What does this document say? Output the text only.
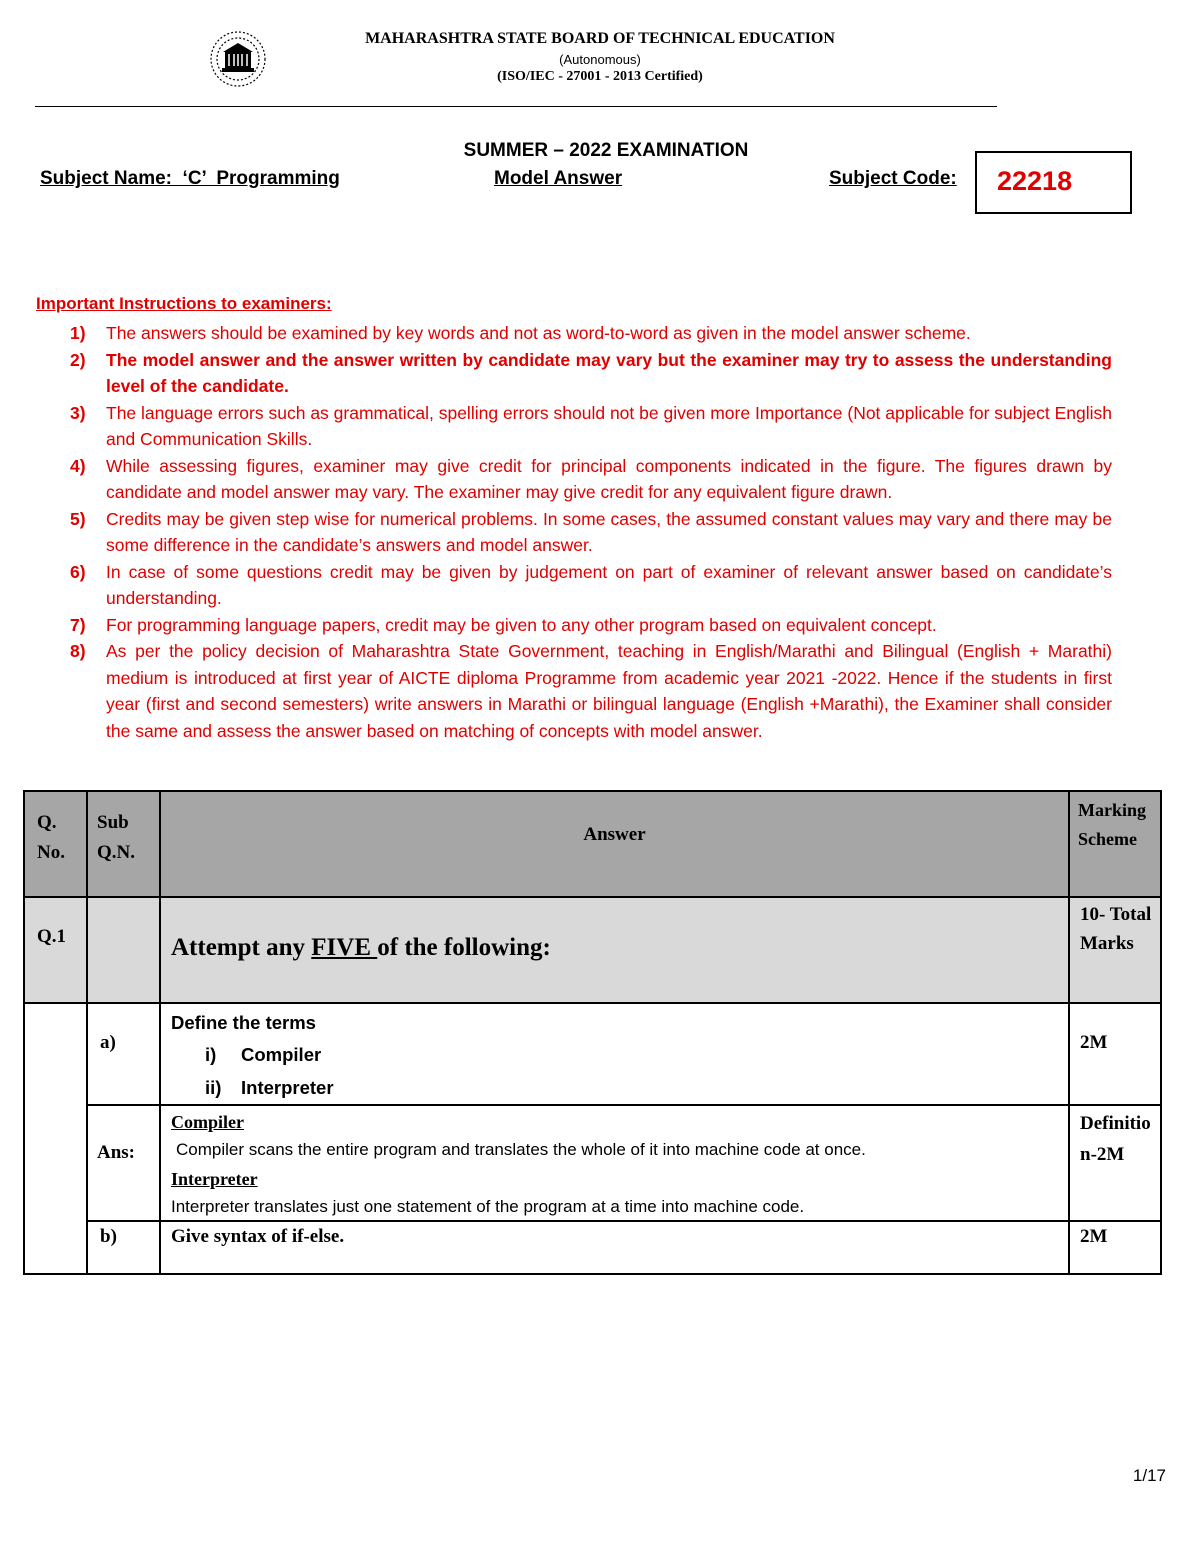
MAHARASHTRA STATE BOARD OF TECHNICAL EDUCATION
(Autonomous)
(ISO/IEC - 27001 - 2013 Certified)
SUMMER – 2022 EXAMINATION
Subject Name:  ‘C’  Programming	Model Answer	Subject Code: 22218
Important Instructions to examiners:
1)	The answers should be examined by key words and not as word-to-word as given in the model answer scheme.
2)	The model answer and the answer written by candidate may vary but the examiner may try to assess the understanding level of the candidate.
3)	The language errors such as grammatical, spelling errors should not be given more Importance (Not applicable for subject English and Communication Skills.
4)	While assessing figures, examiner may give credit for principal components indicated in the figure. The figures drawn by candidate and model answer may vary. The examiner may give credit for any equivalent figure drawn.
5)	Credits may be given step wise for numerical problems. In some cases, the assumed constant values may vary and there may be some difference in the candidate’s answers and model answer.
6)	In case of some questions credit may be given by judgement on part of examiner of relevant answer based on candidate’s understanding.
7)	For programming language papers, credit may be given to any other program based on equivalent concept.
8)	As per the policy decision of Maharashtra State Government, teaching in English/Marathi and Bilingual (English + Marathi) medium is introduced at first year of AICTE diploma Programme from academic year 2021 -2022. Hence if the students in first year (first and second semesters) write answers in Marathi or bilingual language (English +Marathi), the Examiner shall consider the same and assess the answer based on matching of concepts with model answer.
Q. No.	Sub Q.N.	Answer	Marking Scheme
Q.1		Attempt any FIVE of the following:	10- Total Marks
	a)	Define the terms
i) Compiler
ii) Interpreter	2M
	Ans:	Compiler
Compiler scans the entire program and translates the whole of it into machine code at once.
Interpreter
Interpreter translates just one statement of the program at a time into machine code.	Definition-2M
	b)	Give syntax of if-else.	2M
1/17
